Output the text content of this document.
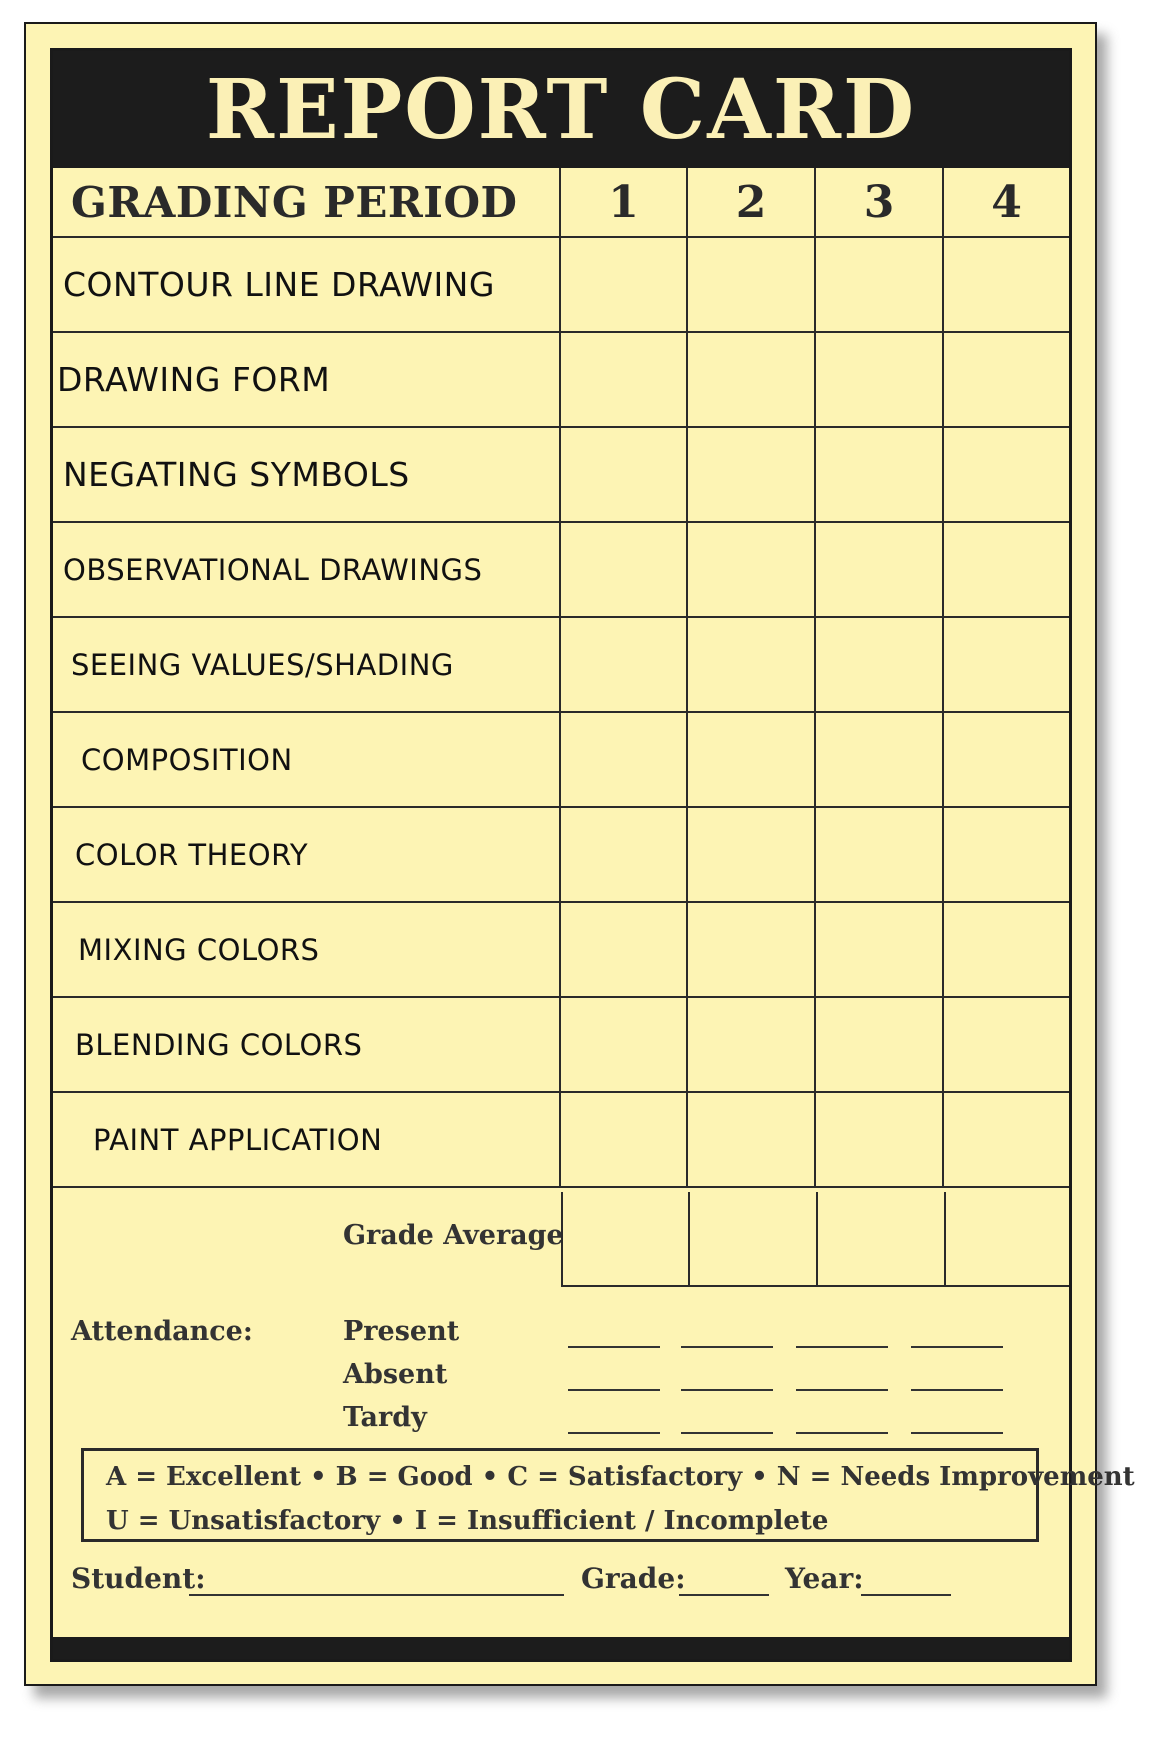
REPORT CARD
GRADING PERIOD	1	2	3	4
CONTOUR LINE DRAWING
DRAWING FORM
NEGATING SYMBOLS
OBSERVATIONAL DRAWINGS
SEEING VALUES/SHADING
COMPOSITION
COLOR THEORY
MIXING COLORS
BLENDING COLORS
PAINT APPLICATION
Grade Average
Attendance:	Present
Absent
Tardy
A = Excellent • B = Good • C = Satisfactory • N = Needs Improvement
U = Unsatisfactory • I = Insufficient / Incomplete
Student:	Grade:	Year:
